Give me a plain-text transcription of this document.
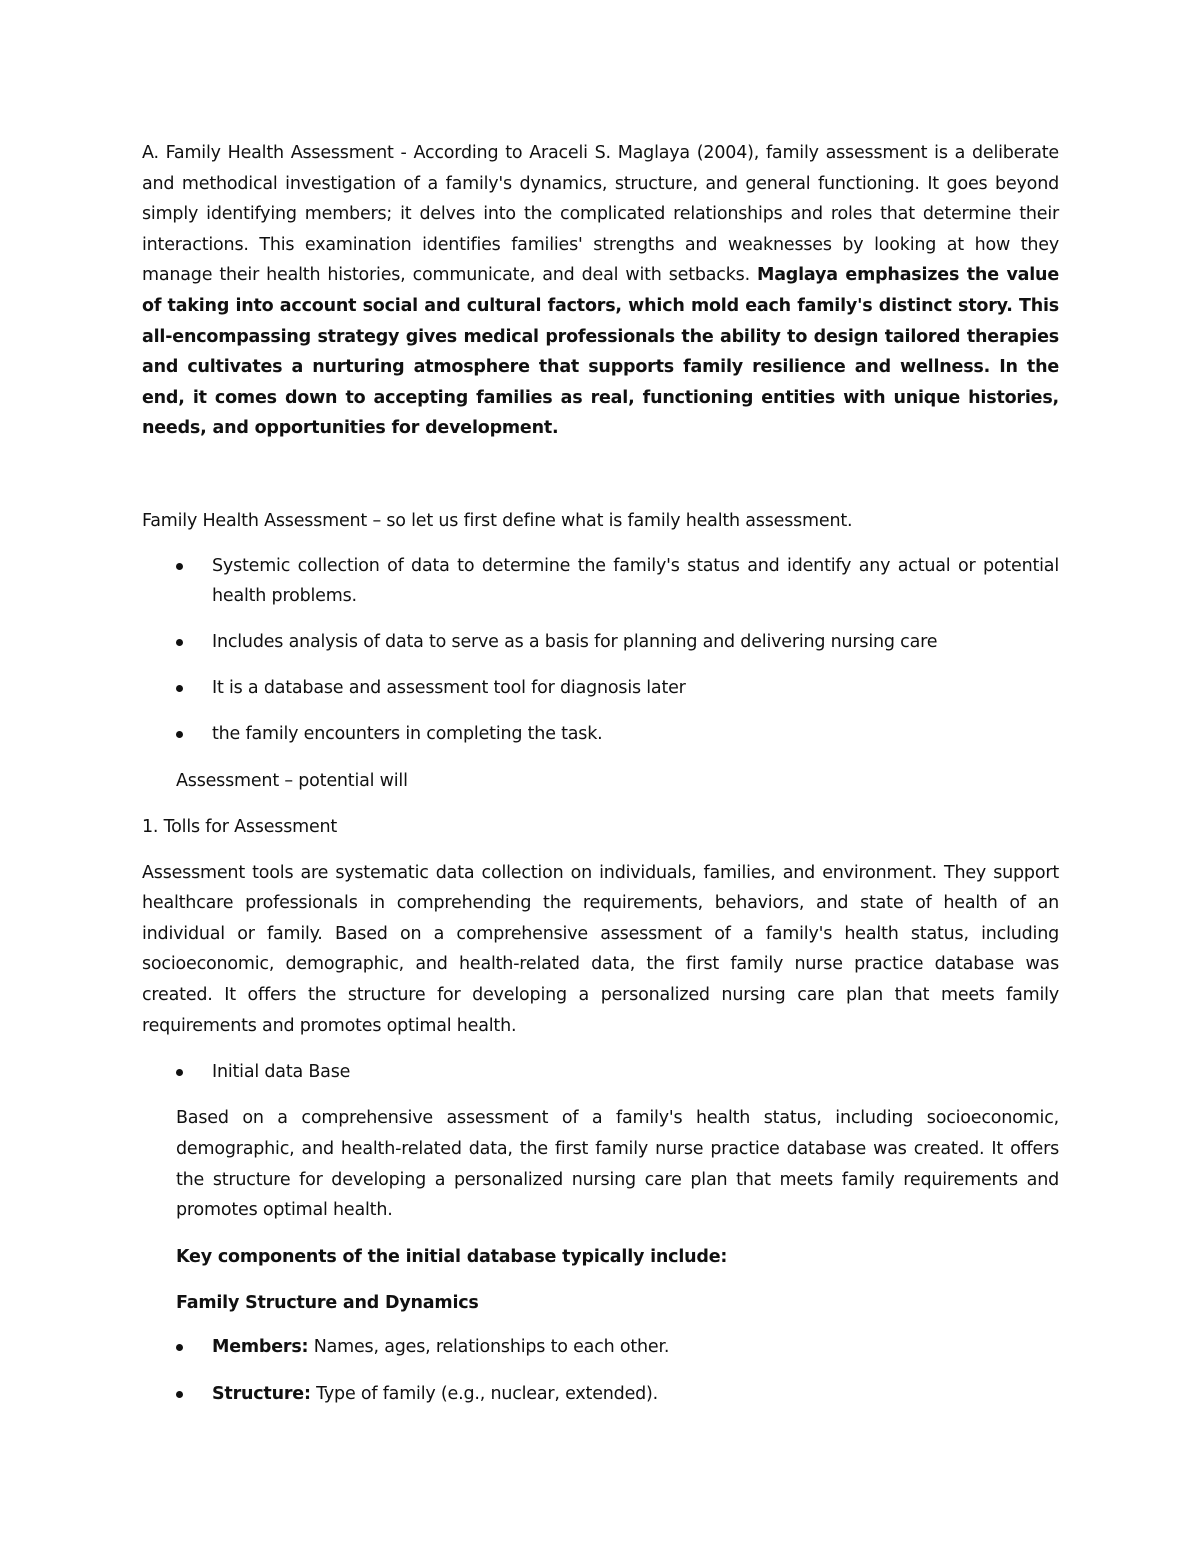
A. Family Health Assessment - According to Araceli S. Maglaya (2004), family assessment is a deliberate and methodical investigation of a family's dynamics, structure, and general functioning. It goes beyond simply identifying members; it delves into the complicated relationships and roles that determine their interactions. This examination identifies families' strengths and weaknesses by looking at how they manage their health histories, communicate, and deal with setbacks. Maglaya emphasizes the value of taking into account social and cultural factors, which mold each family's distinct story. This all-encompassing strategy gives medical professionals the ability to design tailored therapies and cultivates a nurturing atmosphere that supports family resilience and wellness. In the end, it comes down to accepting families as real, functioning entities with unique histories, needs, and opportunities for development.

Family Health Assessment – so let us first define what is family health assessment.

Systemic collection of data to determine the family's status and identify any actual or potential health problems.
Includes analysis of data to serve as a basis for planning and delivering nursing care
It is a database and assessment tool for diagnosis later
the family encounters in completing the task.

Assessment – potential will

1. Tolls for Assessment

Assessment tools are systematic data collection on individuals, families, and environment. They support healthcare professionals in comprehending the requirements, behaviors, and state of health of an individual or family. Based on a comprehensive assessment of a family's health status, including socioeconomic, demographic, and health-related data, the first family nurse practice database was created. It offers the structure for developing a personalized nursing care plan that meets family requirements and promotes optimal health.

Initial data Base

Based on a comprehensive assessment of a family's health status, including socioeconomic, demographic, and health-related data, the first family nurse practice database was created. It offers the structure for developing a personalized nursing care plan that meets family requirements and promotes optimal health.

Key components of the initial database typically include:

Family Structure and Dynamics

Members: Names, ages, relationships to each other.
Structure: Type of family (e.g., nuclear, extended).
